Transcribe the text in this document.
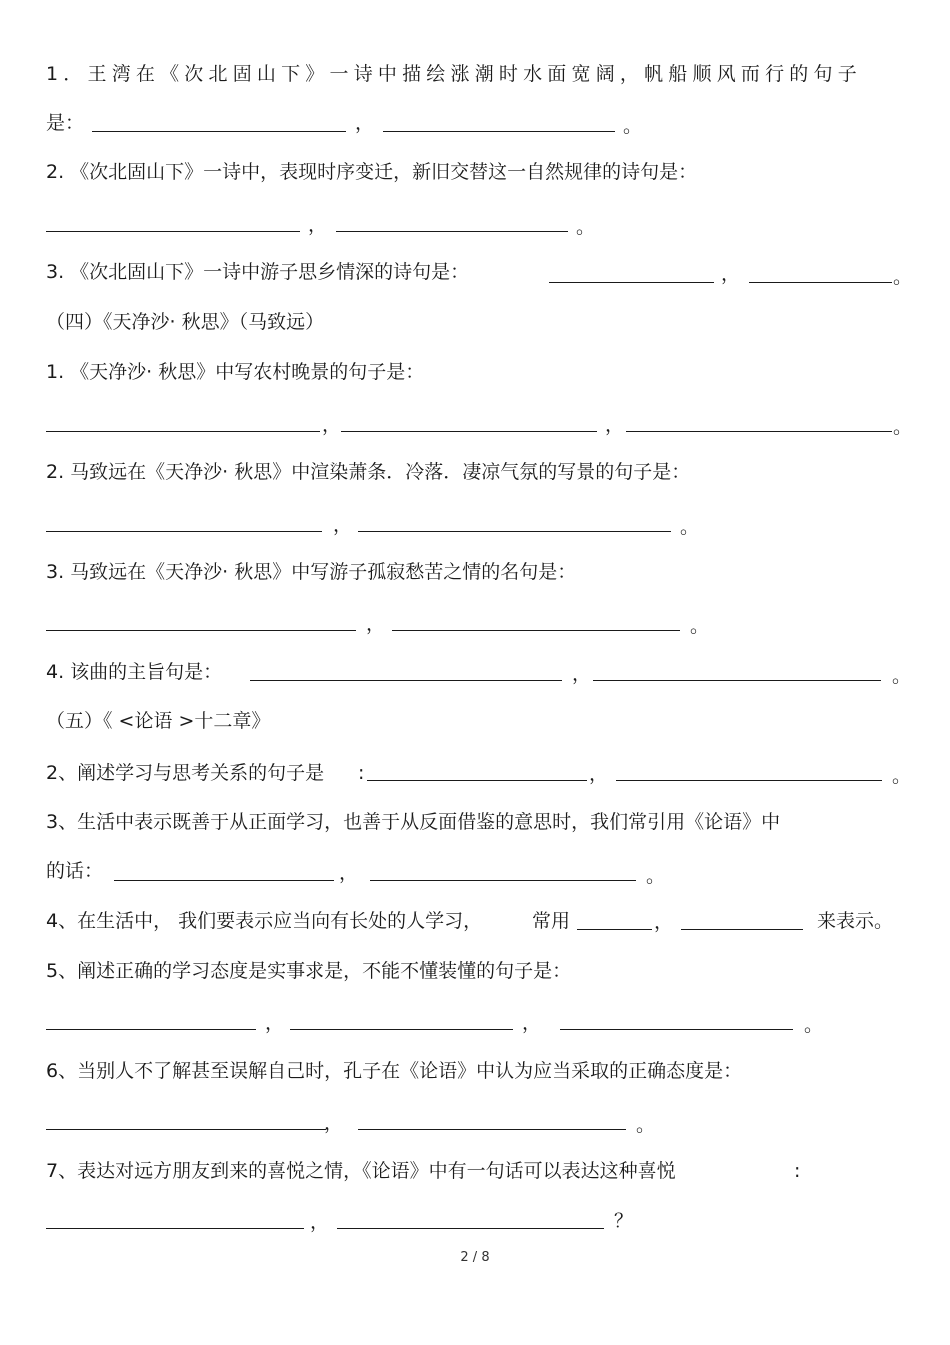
1．王湾在《次北固山下》一诗中描绘涨潮时水面宽阔，帆船顺风而行的句子
是：	，	。
2. 《次北固山下》一诗中，表现时序变迁，新旧交替这一自然规律的诗句是：
，	。
3. 《次北固山下》一诗中游子思乡情深的诗句是：	，	。
（四）《天净沙· 秋思》（马致远）
1. 《天净沙· 秋思》中写农村晚景的句子是：
，	，	。
2. 马致远在《天净沙· 秋思》中渲染萧条．冷落．凄凉气氛的写景的句子是：
，	。
3. 马致远在《天净沙· 秋思》中写游子孤寂愁苦之情的名句是：
，	。
4. 该曲的主旨句是：	，	。
（五）《 <论语 >十二章》
2、阐述学习与思考关系的句子是 :	，	。
3、生活中表示既善于从正面学习，也善于从反面借鉴的意思时，我们常引用《论语》中
的话：	，	。
4、在生活中， 我们要表示应当向有长处的人学习，	常用	，	来表示。
5、阐述正确的学习态度是实事求是，不能不懂装懂的句子是：
，	，	。
6、当别人不了解甚至误解自己时，孔子在《论语》中认为应当采取的正确态度是：
，	。
7、表达对远方朋友到来的喜悦之情，《论语》中有一句话可以表达这种喜悦	:
，	？
2 / 8
